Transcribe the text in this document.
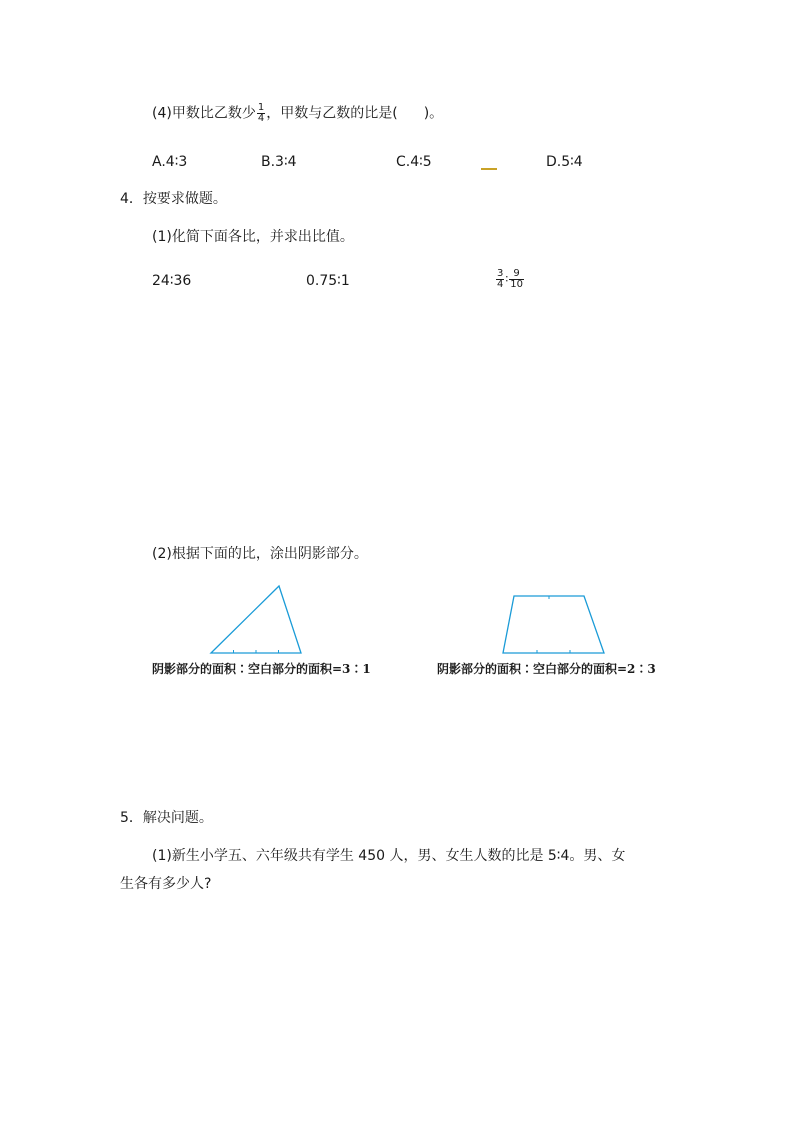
(4)甲数比乙数少 $\frac{1}{4}$ ，甲数与乙数的比是( )。
A.4∶3	B.3∶4	C.4∶5	D.5∶4
4．按要求做题。
(1)化简下面各比，并求出比值。
24∶36	0.75∶1	$\frac{3}{4}$ ∶ $\frac{9}{10}$
(2)根据下面的比，涂出阴影部分。
阴影部分的面积∶空白部分的面积=3∶1	阴影部分的面积∶空白部分的面积=2∶3
5．解决问题。
(1)新生小学五、六年级共有学生 450 人，男、女生人数的比是 5∶4。男、女
生各有多少人?
